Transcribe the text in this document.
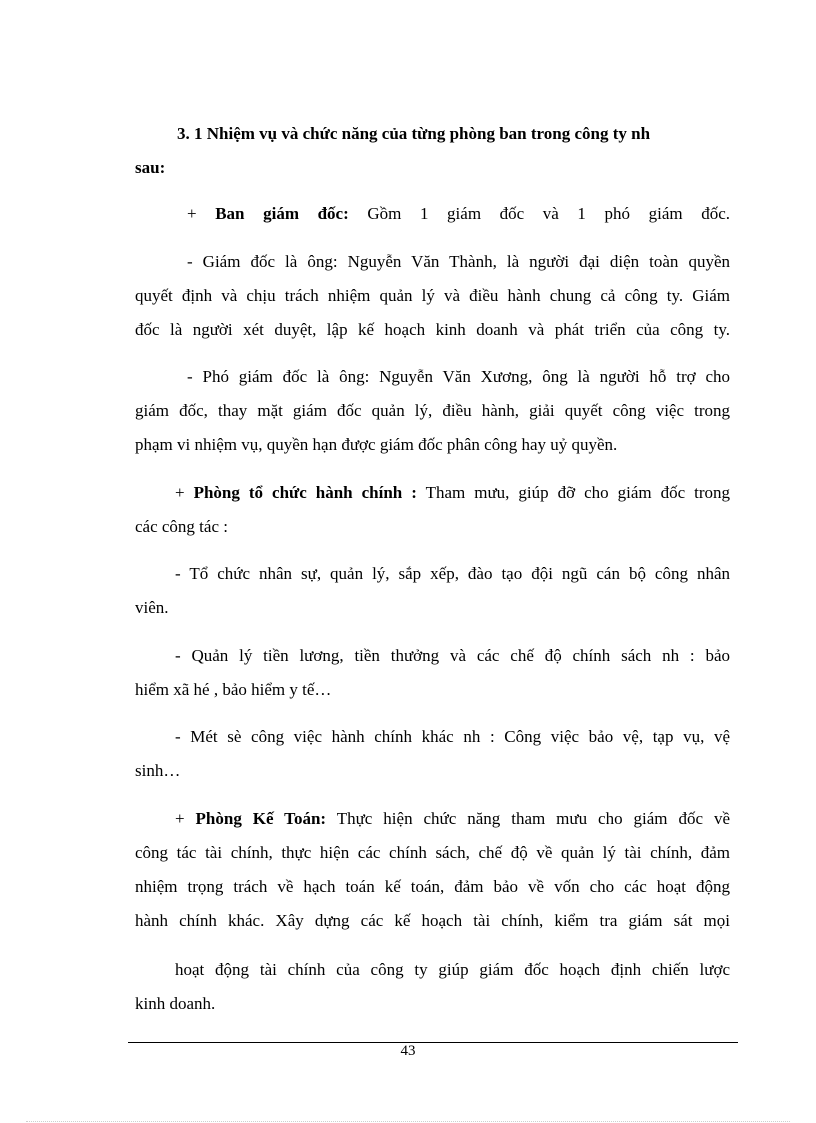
3. 1 Nhiệm vụ và chức năng của từng phòng ban trong công ty nh

sau:

+ Ban giám đốc: Gồm 1 giám đốc và 1 phó giám đốc.

- Giám đốc là ông: Nguyễn Văn Thành, là người đại diện toàn quyền

quyết định và chịu trách nhiệm quản lý và điều hành chung cả công ty. Giám

đốc là người xét duyệt, lập kế hoạch kinh doanh và phát triển của công ty.

- Phó giám đốc là ông: Nguyễn Văn Xương, ông là người hỗ trợ cho

giám đốc, thay mặt giám đốc quản lý, điều hành, giải quyết công việc trong

phạm vi nhiệm vụ, quyền hạn được giám đốc phân công hay uỷ quyền.

+ Phòng tổ chức hành chính : Tham mưu, giúp đỡ cho giám đốc trong

các công tác :

- Tổ chức nhân sự, quản lý, sắp xếp, đào tạo đội ngũ cán bộ công nhân

viên.

- Quản lý tiền lương, tiền thưởng và các chế độ chính sách nh : bảo

hiểm xã hé , bảo hiểm y tế…

- Mét sè công việc hành chính khác nh : Công việc bảo vệ, tạp vụ, vệ

sinh…

+ Phòng Kế Toán: Thực hiện chức năng tham mưu cho giám đốc về

công tác tài chính, thực hiện các chính sách, chế độ về quản lý tài chính, đảm

nhiệm trọng trách về hạch toán kế toán, đảm bảo về vốn cho các hoạt động

hành chính khác. Xây dựng các kế hoạch tài chính, kiểm tra giám sát mọi

hoạt động tài chính của công ty giúp giám đốc hoạch định chiến lược

kinh doanh.

43
